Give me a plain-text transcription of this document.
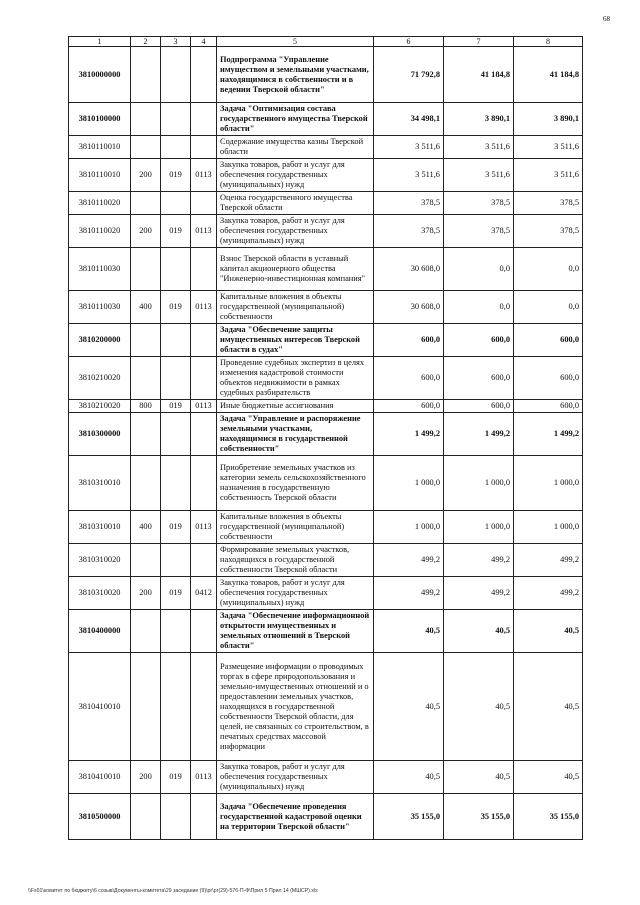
68
1	2	3	4	5	6	7	8
3810000000				Подпрограмма "Управление имуществом и земельными участками, находящимися в собственности и в ведении Тверской области"	71 792,8	41 184,8	41 184,8
3810100000				Задача "Оптимизация состава государственного имущества Тверской области"	34 498,1	3 890,1	3 890,1
3810110010				Содержание имущества казны Тверской области	3 511,6	3 511,6	3 511,6
3810110010	200	019	0113	Закупка товаров, работ и услуг для обеспечения государственных (муниципальных) нужд	3 511,6	3 511,6	3 511,6
3810110020				Оценка государственного имущества Тверской области	378,5	378,5	378,5
3810110020	200	019	0113	Закупка товаров, работ и услуг для обеспечения государственных (муниципальных) нужд	378,5	378,5	378,5
3810110030				Взнос Тверской области в уставный капитал акционерного общества "Инженерно-инвестиционная компания"	30 608,0	0,0	0,0
3810110030	400	019	0113	Капитальные вложения в объекты государственной (муниципальной) собственности	30 608,0	0,0	0,0
3810200000				Задача "Обеспечение защиты имущественных интересов Тверской области в судах"	600,0	600,0	600,0
3810210020				Проведение судебных экспертиз в целях изменения кадастровой стоимости объектов недвижимости в рамках судебных разбирательств	600,0	600,0	600,0
3810210020	800	019	0113	Иные бюджетные ассигнования	600,0	600,0	600,0
3810300000				Задача "Управление и распоряжение земельными участками, находящимися в государственной собственности"	1 499,2	1 499,2	1 499,2
3810310010				Приобретение земельных участков из категории земель сельскохозяйственного назначения в государственную собственность Тверской области	1 000,0	1 000,0	1 000,0
3810310010	400	019	0113	Капитальные вложения в объекты государственной (муниципальной) собственности	1 000,0	1 000,0	1 000,0
3810310020				Формирование земельных участков, находящихся в государственной собственности Тверской области	499,2	499,2	499,2
3810310020	200	019	0412	Закупка товаров, работ и услуг для обеспечения государственных (муниципальных) нужд	499,2	499,2	499,2
3810400000				Задача "Обеспечение информационной открытости имущественных и земельных отношений в Тверской области"	40,5	40,5	40,5
3810410010				Размещение информации о проводимых торгах в сфере природопользования и земельно-имущественных отношений и о предоставлении земельных участков, находящихся в государственной собственности Тверской области, для целей, не связанных со строительством, в печатных средствах массовой информации	40,5	40,5	40,5
3810410010	200	019	0113	Закупка товаров, работ и услуг для обеспечения государственных (муниципальных) нужд	40,5	40,5	40,5
3810500000				Задача "Обеспечение проведения государственной кадастровой оценки на территории Тверской области"	35 155,0	35 155,0	35 155,0
\\Fs01\комитет по бюджету\6 созыв\Документы-комитета\29 заседание (9)\рг\рг(29)-576-П-Ф\Прил 5 Прил 14 (МШСР).xls
